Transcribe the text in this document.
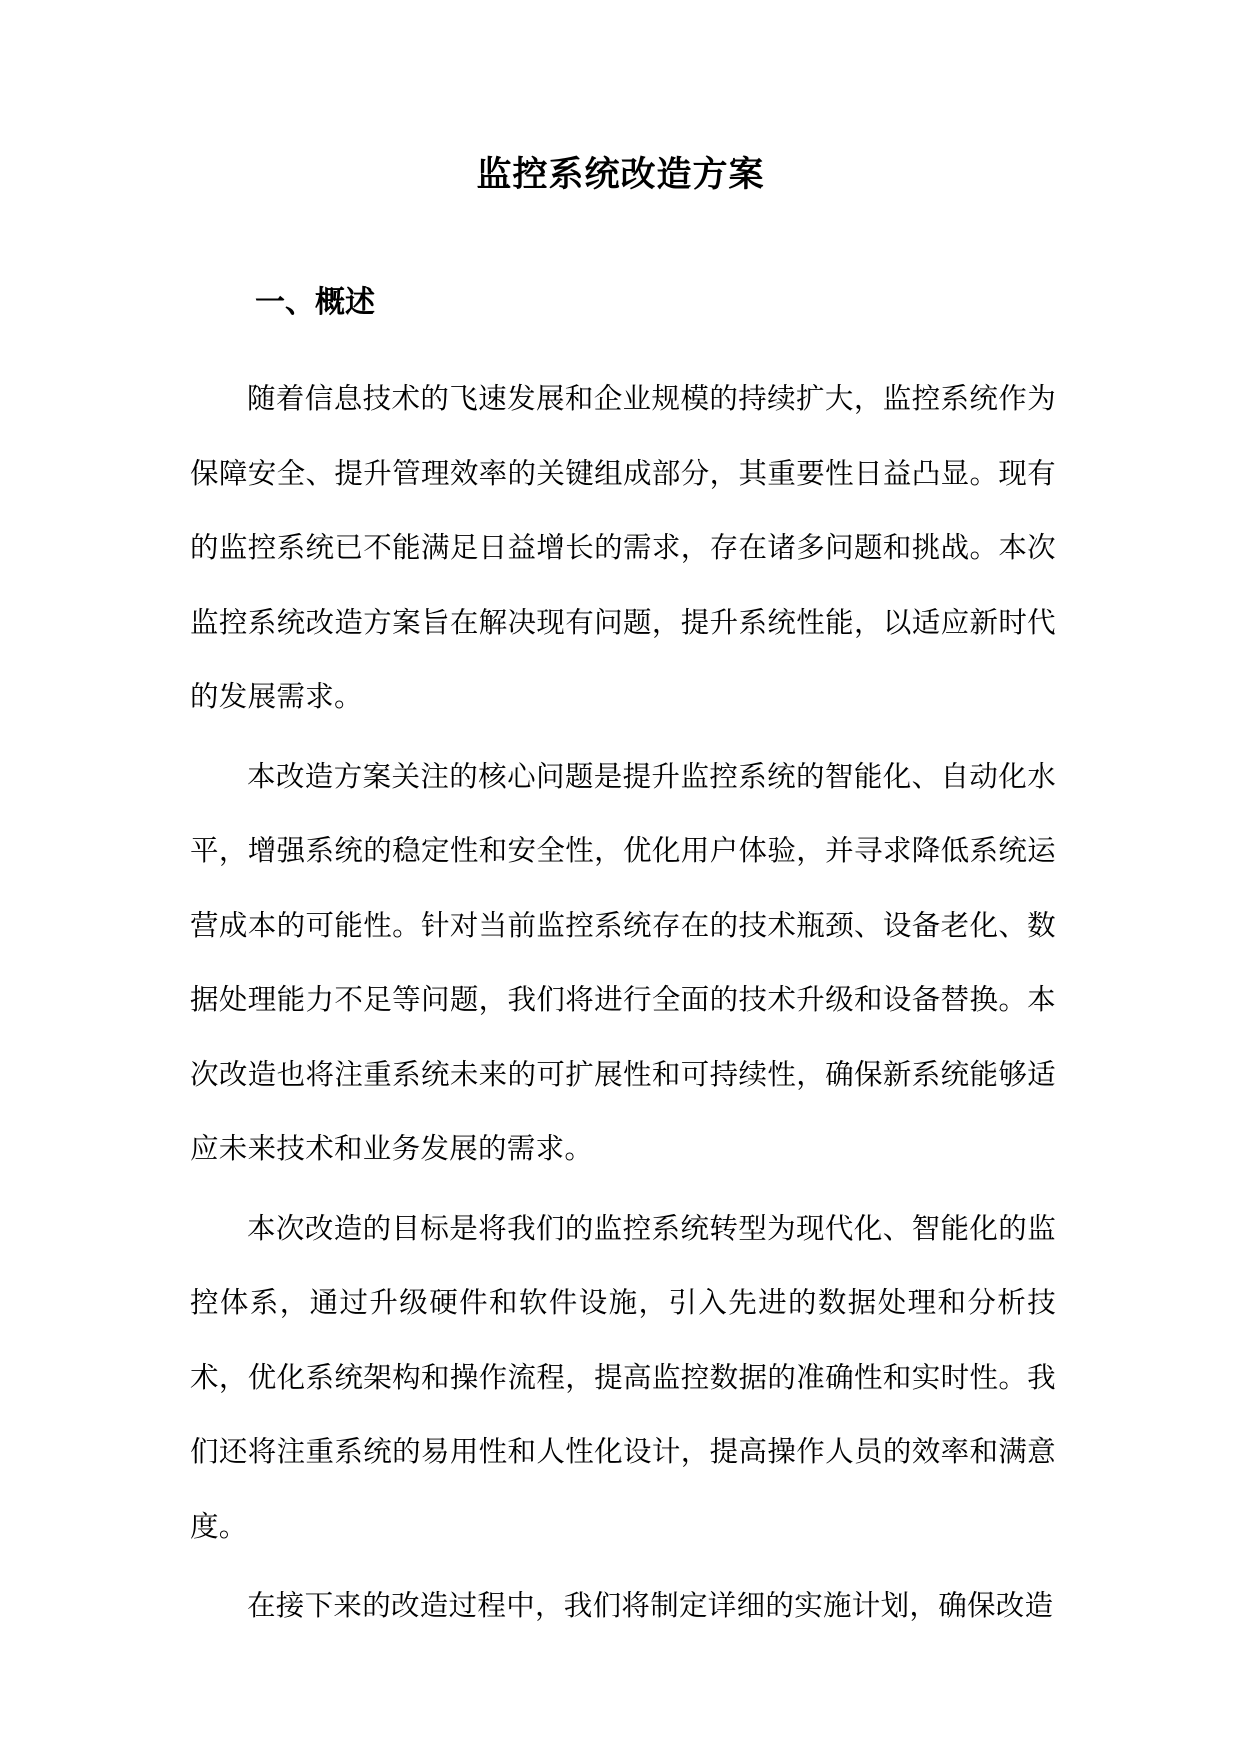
监控系统改造方案
一、概述

随着信息技术的飞速发展和企业规模的持续扩大，监控系统作为保障安全、提升管理效率的关键组成部分，其重要性日益凸显。现有的监控系统已不能满足日益增长的需求，存在诸多问题和挑战。本次监控系统改造方案旨在解决现有问题，提升系统性能，以适应新时代的发展需求。

本改造方案关注的核心问题是提升监控系统的智能化、自动化水平，增强系统的稳定性和安全性，优化用户体验，并寻求降低系统运营成本的可能性。针对当前监控系统存在的技术瓶颈、设备老化、数据处理能力不足等问题，我们将进行全面的技术升级和设备替换。本次改造也将注重系统未来的可扩展性和可持续性，确保新系统能够适应未来技术和业务发展的需求。

本次改造的目标是将我们的监控系统转型为现代化、智能化的监控体系，通过升级硬件和软件设施，引入先进的数据处理和分析技术，优化系统架构和操作流程，提高监控数据的准确性和实时性。我们还将注重系统的易用性和人性化设计，提高操作人员的效率和满意度。

在接下来的改造过程中，我们将制定详细的实施计划，确保改造
